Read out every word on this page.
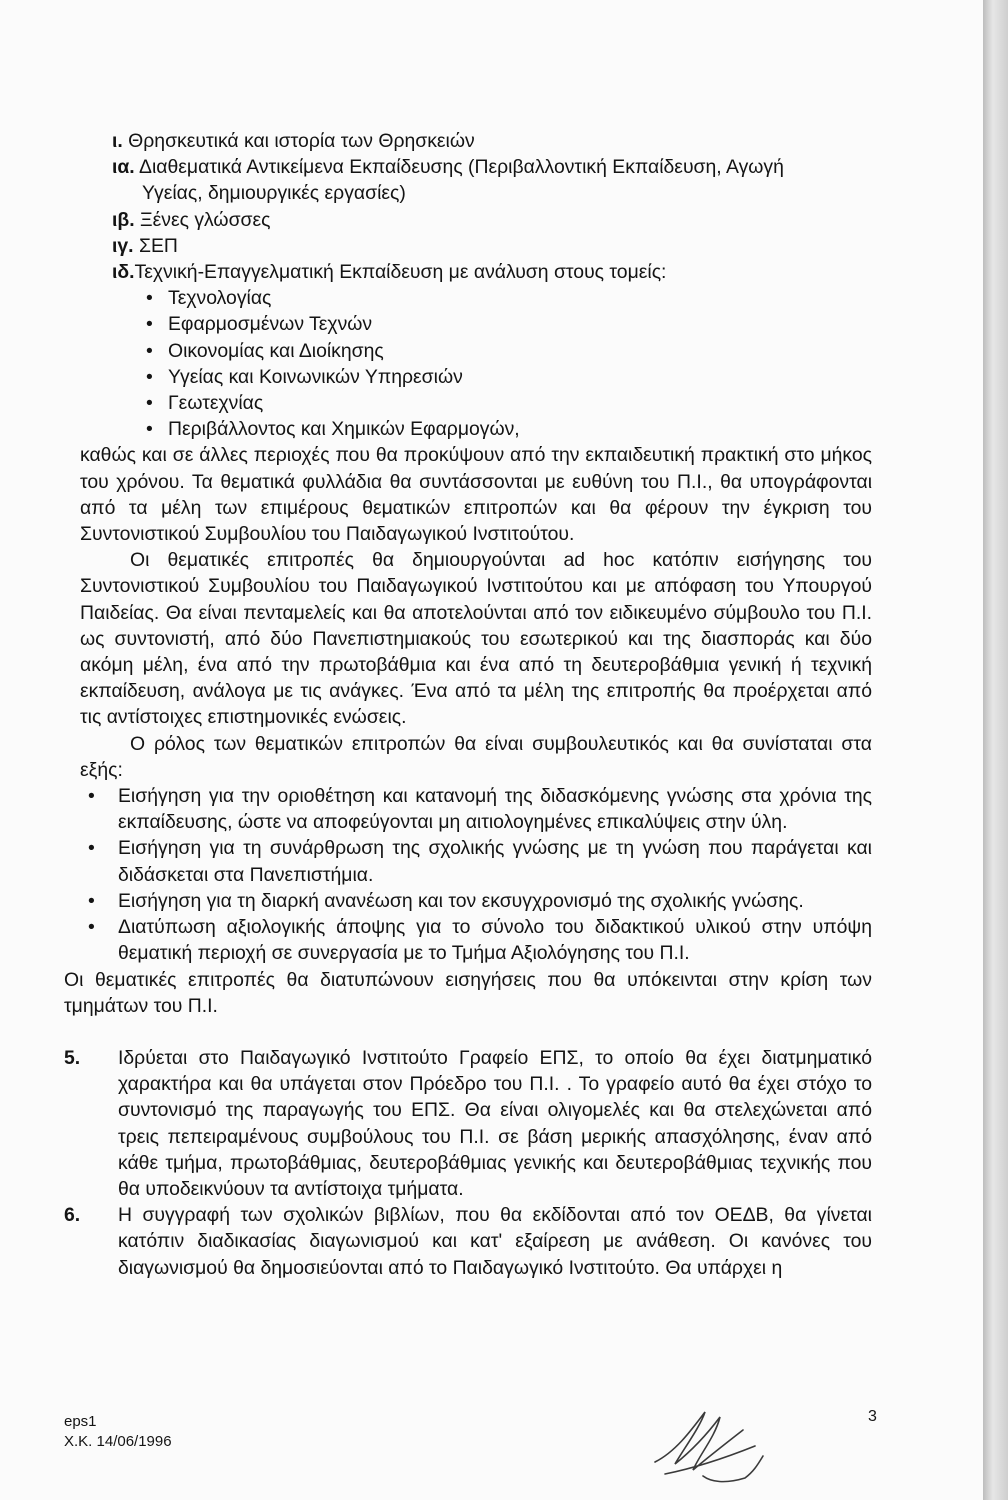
ι. Θρησκευτικά και ιστορία των Θρησκειών
ια. Διαθεματικά Αντικείμενα Εκπαίδευσης (Περιβαλλοντική Εκπαίδευση, Αγωγή
Υγείας, δημιουργικές εργασίες)
ιβ. Ξένες γλώσσες
ιγ. ΣΕΠ
ιδ.Τεχνική-Επαγγελματική Εκπαίδευση με ανάλυση στους τομείς:
• Τεχνολογίας
• Εφαρμοσμένων Τεχνών
• Οικονομίας και Διοίκησης
• Υγείας και Κοινωνικών Υπηρεσιών
• Γεωτεχνίας
• Περιβάλλοντος και Χημικών Εφαρμογών,
καθώς και σε άλλες περιοχές που θα προκύψουν από την εκπαιδευτική πρακτική στο μήκος του χρόνου. Τα θεματικά φυλλάδια θα συντάσσονται με ευθύνη του Π.Ι., θα υπογράφονται από τα μέλη των επιμέρους θεματικών επιτροπών και θα φέρουν την έγκριση του Συντονιστικού Συμβουλίου του Παιδαγωγικού Ινστιτούτου.
Οι θεματικές επιτροπές θα δημιουργούνται ad hoc κατόπιν εισήγησης του Συντονιστικού Συμβουλίου του Παιδαγωγικού Ινστιτούτου και με απόφαση του Υπουργού Παιδείας. Θα είναι πενταμελείς και θα αποτελούνται από τον ειδικευμένο σύμβουλο του Π.Ι. ως συντονιστή, από δύο Πανεπιστημιακούς του εσωτερικού και της διασποράς και δύο ακόμη μέλη, ένα από την πρωτοβάθμια και ένα από τη δευτεροβάθμια γενική ή τεχνική εκπαίδευση, ανάλογα με τις ανάγκες. Ένα από τα μέλη της επιτροπής θα προέρχεται από τις αντίστοιχες επιστημονικές ενώσεις.
Ο ρόλος των θεματικών επιτροπών θα είναι συμβουλευτικός και θα συνίσταται στα εξής:
• Εισήγηση για την οριοθέτηση και κατανομή της διδασκόμενης γνώσης στα χρόνια της εκπαίδευσης, ώστε να αποφεύγονται μη αιτιολογημένες επικαλύψεις στην ύλη.
• Εισήγηση για τη συνάρθρωση της σχολικής γνώσης με τη γνώση που παράγεται και διδάσκεται στα Πανεπιστήμια.
• Εισήγηση για τη διαρκή ανανέωση και τον εκσυγχρονισμό της σχολικής γνώσης.
• Διατύπωση αξιολογικής άποψης για το σύνολο του διδακτικού υλικού στην υπόψη θεματική περιοχή σε συνεργασία με το Τμήμα Αξιολόγησης του Π.Ι.
Οι θεματικές επιτροπές θα διατυπώνουν εισηγήσεις που θα υπόκεινται στην κρίση των τμημάτων του Π.Ι.
5. Ιδρύεται στο Παιδαγωγικό Ινστιτούτο Γραφείο ΕΠΣ, το οποίο θα έχει διατμηματικό χαρακτήρα και θα υπάγεται στον Πρόεδρο του Π.Ι. . Το γραφείο αυτό θα έχει στόχο το συντονισμό της παραγωγής του ΕΠΣ. Θα είναι ολιγομελές και θα στελεχώνεται από τρεις πεπειραμένους συμβούλους του Π.Ι. σε βάση μερικής απασχόλησης, έναν από κάθε τμήμα, πρωτοβάθμιας, δευτεροβάθμιας γενικής και δευτεροβάθμιας τεχνικής που θα υποδεικνύουν τα αντίστοιχα τμήματα.
6. Η συγγραφή των σχολικών βιβλίων, που θα εκδίδονται από τον ΟΕΔΒ, θα γίνεται κατόπιν διαδικασίας διαγωνισμού και κατ' εξαίρεση με ανάθεση. Οι κανόνες του διαγωνισμού θα δημοσιεύονται από το Παιδαγωγικό Ινστιτούτο. Θα υπάρχει η
eps1
Χ.Κ. 14/06/1996
3
